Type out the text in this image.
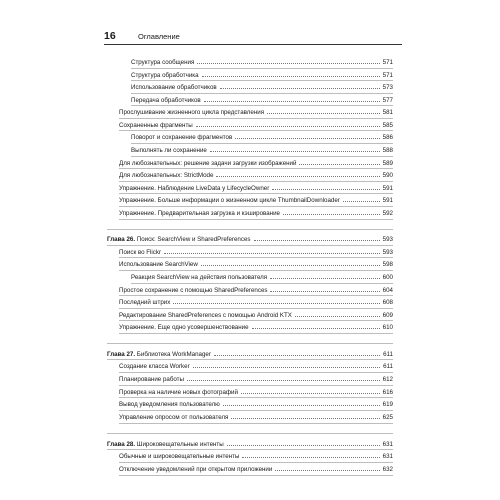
16	Оглавление
Структура сообщения	571
Структура обработчика	571
Использование обработчиков	573
Передача обработчиков	577
Прослушивание жизненного цикла представления	581
Сохраненные фрагменты	585
Поворот и сохранение фрагментов	586
Выполнять ли сохранение	588
Для любознательных: решение задачи загрузки изображений	589
Для любознательных: StrictMode	590
Упражнение. Наблюдение LiveData у LifecycleOwner	591
Упражнение. Больше информации о жизненном цикле ThumbnailDownloader	591
Упражнение. Предварительная загрузка и кэширование	592
Глава 26. Поиск: SearchView и SharedPreferences	593
Поиск во Flickr	593
Использование SearchView	598
Реакция SearchView на действия пользователя	600
Простое сохранение с помощью SharedPreferences	604
Последний штрих	608
Редактирование SharedPreferences с помощью Android KTX	609
Упражнение. Еще одно усовершенствование	610
Глава 27. Библиотека WorkManager	611
Создание класса Worker	611
Планирование работы	612
Проверка на наличие новых фотографий	616
Вывод уведомления пользователю	619
Управление опросом от пользователя	625
Глава 28. Широковещательные интенты	631
Обычные и широковещательные интенты	631
Отключение уведомлений при открытом приложении	632
